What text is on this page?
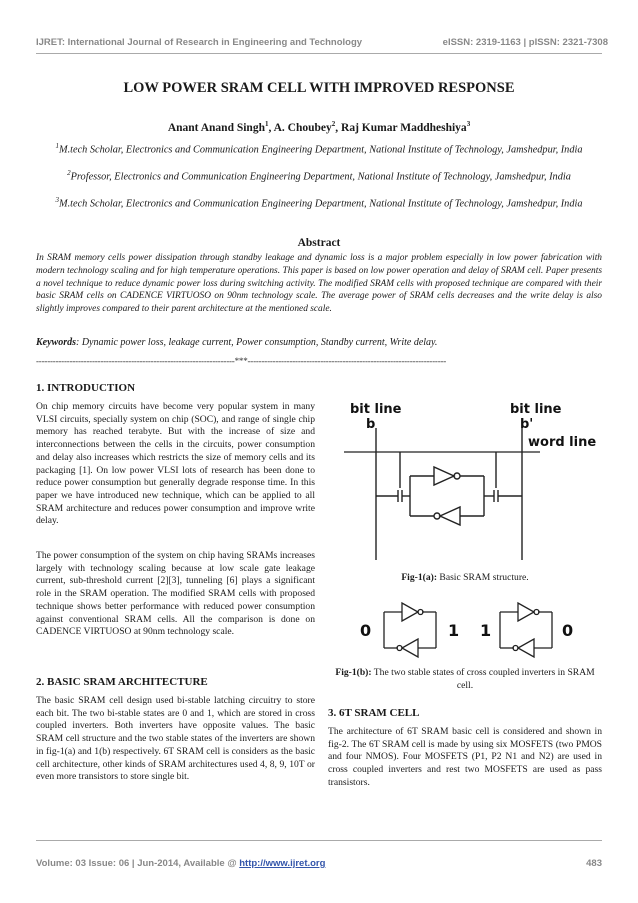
IJRET: International Journal of Research in Engineering and Technology	eISSN: 2319-1163 | pISSN: 2321-7308
LOW POWER SRAM CELL WITH IMPROVED RESPONSE
Anant Anand Singh$^1$, A. Choubey$^2$, Raj Kumar Maddheshiya$^3$
$^1$M.tech Scholar, Electronics and Communication Engineering Department, National Institute of Technology, Jamshedpur, India
$^2$Professor, Electronics and Communication Engineering Department, National Institute of Technology, Jamshedpur, India
$^3$M.tech Scholar, Electronics and Communication Engineering Department, National Institute of Technology, Jamshedpur, India
Abstract
In SRAM memory cells power dissipation through standby leakage and dynamic loss is a major problem especially in low power fabrication with modern technology scaling and for high temperature operations. This paper is based on low power operation and delay of SRAM cell. Paper presents a novel technique to reduce dynamic power loss during switching activity. The modified SRAM cells with proposed technique are compared with their basic SRAM cells on CADENCE VIRTUOSO on 90nm technology scale. The average power of SRAM cells decreases and the write delay is also slightly improves compared to their parent architecture at the mentioned scale.
Keywords: Dynamic power loss, leakage current, Power consumption, Standby current, Write delay.
-----------------------------------------------------------------------***-----------------------------------------------------------------------
1. INTRODUCTION
On chip memory circuits have become very popular system in many VLSI circuits, specially system on chip (SOC), and range of single chip memory has reached terabyte. But with the increase of size and interconnections between the cells in the circuits, power consumption and delay also increases which restricts the size of memory cells and its packaging [1]. On low power VLSI lots of research has been done to reduce power consumption but generally degrade response time. In this paper we have introduced new technique, which can be applied to all SRAM architecture and reduces power consumption and improve write delay.
The power consumption of the system on chip having SRAMs increases largely with technology scaling because at low scale gate leakage current, sub-threshold current [2][3], tunneling [6] plays a significant role in the SRAM operation. The modified SRAM cells with proposed technique shows better performance with reduced power consumption against conventional SRAM cells. All the comparison is done on CADENCE VIRTUOSO at 90nm technology scale.
2. BASIC SRAM ARCHITECTURE
The basic SRAM cell design used bi-stable latching circuitry to store each bit. The two bi-stable states are 0 and 1, which are stored in cross coupled inverters. Both inverters have opposite values. The basic SRAM cell structure and the two stable states of the inverters are shown in fig-1(a) and 1(b) respectively. 6T SRAM cell is considers as the basic cell architecture, other kinds of SRAM architectures used 4, 8, 9, 10T or even more transistors to store single bit.
bit line
b
bit line
b'
word line
Fig-1(a): Basic SRAM structure.
0	1 1	0
Fig-1(b): The two stable states of cross coupled inverters in SRAM cell.
3. 6T SRAM CELL
The architecture of 6T SRAM basic cell is considered and shown in fig-2. The 6T SRAM cell is made by using six MOSFETS (two PMOS and four NMOS). Four MOSFETS (P1, P2 N1 and N2) are used in cross coupled inverters and rest two MOSFETS are used as pass transistors.
Volume: 03 Issue: 06 | Jun-2014, Available @ http://www.ijret.org	483
